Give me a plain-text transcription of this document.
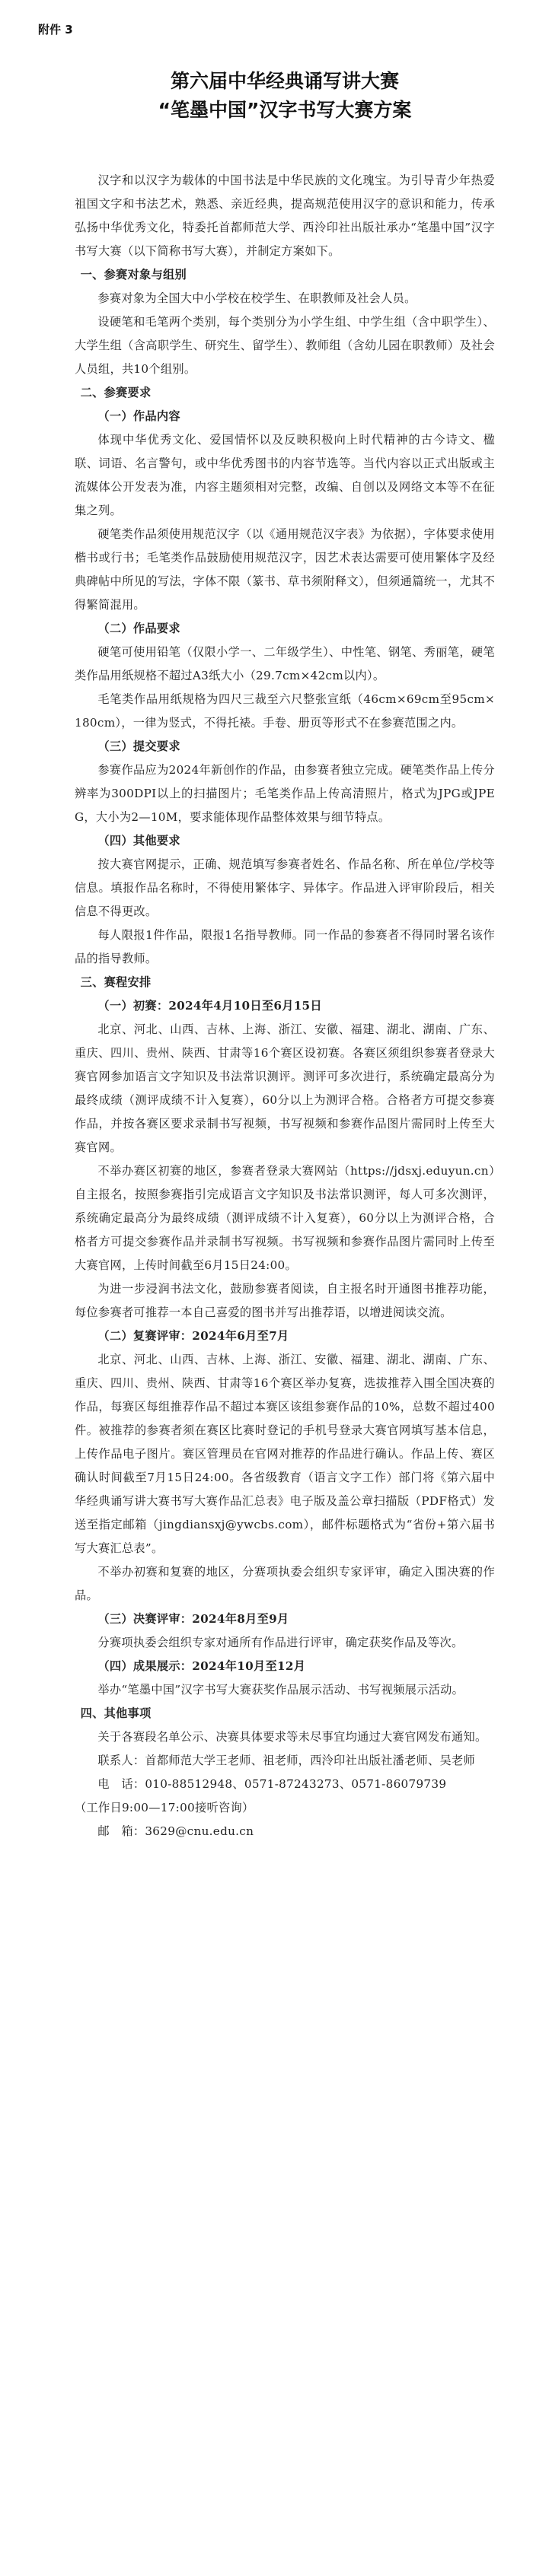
附件 3
第六届中华经典诵写讲大赛
“笔墨中国”汉字书写大赛方案

汉字和以汉字为载体的中国书法是中华民族的文化瑰宝。为引导青少年热爱祖国文字和书法艺术，熟悉、亲近经典，提高规范使用汉字的意识和能力，传承弘扬中华优秀文化，特委托首都师范大学、西泠印社出版社承办“笔墨中国”汉字书写大赛（以下简称书写大赛），并制定方案如下。

一、参赛对象与组别

参赛对象为全国大中小学校在校学生、在职教师及社会人员。

设硬笔和毛笔两个类别，每个类别分为小学生组、中学生组（含中职学生）、大学生组（含高职学生、研究生、留学生）、教师组（含幼儿园在职教师）及社会人员组，共10个组别。

二、参赛要求

（一）作品内容

体现中华优秀文化、爱国情怀以及反映积极向上时代精神的古今诗文、楹联、词语、名言警句，或中华优秀图书的内容节选等。当代内容以正式出版或主流媒体公开发表为准，内容主题须相对完整，改编、自创以及网络文本等不在征集之列。

硬笔类作品须使用规范汉字（以《通用规范汉字表》为依据），字体要求使用楷书或行书；毛笔类作品鼓励使用规范汉字，因艺术表达需要可使用繁体字及经典碑帖中所见的写法，字体不限（篆书、草书须附释文），但须通篇统一，尤其不得繁简混用。

（二）作品要求

硬笔可使用铅笔（仅限小学一、二年级学生）、中性笔、钢笔、秀丽笔，硬笔类作品用纸规格不超过A3纸大小（29.7cm×42cm以内）。

毛笔类作品用纸规格为四尺三裁至六尺整张宣纸（46cm×69cm至95cm×180cm），一律为竖式，不得托裱。手卷、册页等形式不在参赛范围之内。

（三）提交要求

参赛作品应为2024年新创作的作品，由参赛者独立完成。硬笔类作品上传分辨率为300DPI以上的扫描图片；毛笔类作品上传高清照片，格式为JPG或JPEG，大小为2—10M，要求能体现作品整体效果与细节特点。

（四）其他要求

按大赛官网提示，正确、规范填写参赛者姓名、作品名称、所在单位/学校等信息。填报作品名称时，不得使用繁体字、异体字。作品进入评审阶段后，相关信息不得更改。

每人限报1件作品，限报1名指导教师。同一作品的参赛者不得同时署名该作品的指导教师。

三、赛程安排

（一）初赛：2024年4月10日至6月15日

北京、河北、山西、吉林、上海、浙江、安徽、福建、湖北、湖南、广东、重庆、四川、贵州、陕西、甘肃等16个赛区设初赛。各赛区须组织参赛者登录大赛官网参加语言文字知识及书法常识测评。测评可多次进行，系统确定最高分为最终成绩（测评成绩不计入复赛），60分以上为测评合格。合格者方可提交参赛作品，并按各赛区要求录制书写视频，书写视频和参赛作品图片需同时上传至大赛官网。

不举办赛区初赛的地区，参赛者登录大赛网站（https://jdsxj.eduyun.cn）自主报名，按照参赛指引完成语言文字知识及书法常识测评，每人可多次测评，系统确定最高分为最终成绩（测评成绩不计入复赛），60分以上为测评合格，合格者方可提交参赛作品并录制书写视频。书写视频和参赛作品图片需同时上传至大赛官网，上传时间截至6月15日24:00。

为进一步浸润书法文化，鼓励参赛者阅读，自主报名时开通图书推荐功能，每位参赛者可推荐一本自己喜爱的图书并写出推荐语，以增进阅读交流。

（二）复赛评审：2024年6月至7月

北京、河北、山西、吉林、上海、浙江、安徽、福建、湖北、湖南、广东、重庆、四川、贵州、陕西、甘肃等16个赛区举办复赛，选拔推荐入围全国决赛的作品，每赛区每组推荐作品不超过本赛区该组参赛作品的10%，总数不超过400件。被推荐的参赛者须在赛区比赛时登记的手机号登录大赛官网填写基本信息，上传作品电子图片。赛区管理员在官网对推荐的作品进行确认。作品上传、赛区确认时间截至7月15日24:00。各省级教育（语言文字工作）部门将《第六届中华经典诵写讲大赛书写大赛作品汇总表》电子版及盖公章扫描版（PDF格式）发送至指定邮箱（jingdiansxj@ywcbs.com），邮件标题格式为“省份+第六届书写大赛汇总表”。

不举办初赛和复赛的地区，分赛项执委会组织专家评审，确定入围决赛的作品。

（三）决赛评审：2024年8月至9月

分赛项执委会组织专家对通所有作品进行评审，确定获奖作品及等次。

（四）成果展示：2024年10月至12月

举办“笔墨中国”汉字书写大赛获奖作品展示活动、书写视频展示活动。

四、其他事项

关于各赛段名单公示、决赛具体要求等未尽事宜均通过大赛官网发布通知。

联系人：首都师范大学王老师、祖老师，西泠印社出版社潘老师、吴老师

电　话：010-88512948、0571-87243273、0571-86079739

（工作日9:00—17:00接听咨询）

邮　箱：3629@cnu.edu.cn
